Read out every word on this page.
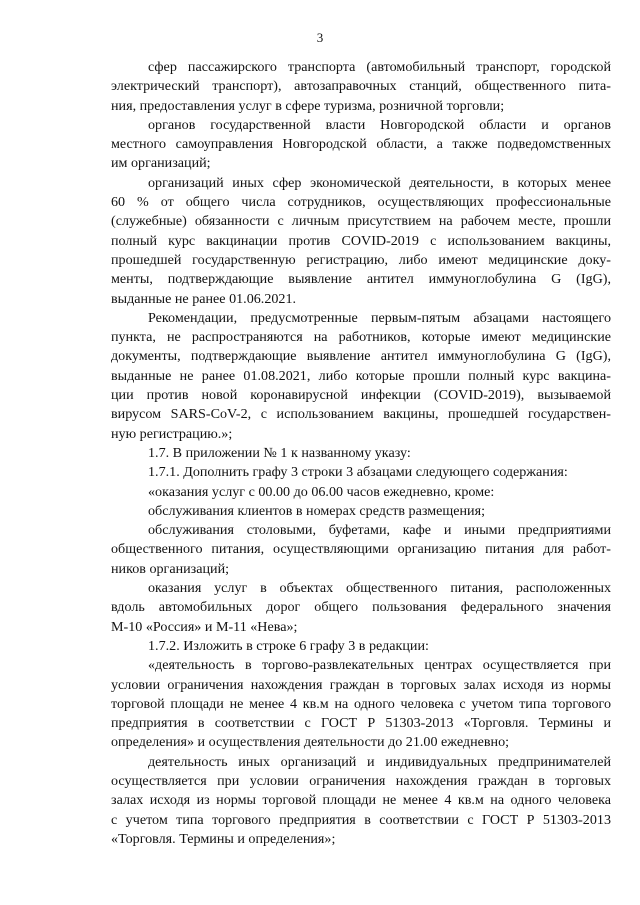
3

сфер пассажирского транспорта (автомобильный транспорт, городской
электрический транспорт), автозаправочных станций, общественного пита-
ния, предоставления услуг в сфере туризма, розничной торговли;

органов государственной власти Новгородской области и органов
местного самоуправления Новгородской области, а также подведомственных
им организаций;

организаций иных сфер экономической деятельности, в которых менее
60 % от общего числа сотрудников, осуществляющих профессиональные
(служебные) обязанности с личным присутствием на рабочем месте, прошли
полный курс вакцинации против COVID-2019 с использованием вакцины,
прошедшей государственную регистрацию, либо имеют медицинские доку-
менты, подтверждающие выявление антител иммуноглобулина G (IgG),
выданные не ранее 01.06.2021.

Рекомендации, предусмотренные первым-пятым абзацами настоящего
пункта, не распространяются на работников, которые имеют медицинские
документы, подтверждающие выявление антител иммуноглобулина G (IgG),
выданные не ранее 01.08.2021, либо которые прошли полный курс вакцина-
ции против новой коронавирусной инфекции (COVID-2019), вызываемой
вирусом SARS-CoV-2, с использованием вакцины, прошедшей государствен-
ную регистрацию.»;

1.7. В приложении № 1 к названному указу:

1.7.1. Дополнить графу 3 строки 3 абзацами следующего содержания:

«оказания услуг с 00.00 до 06.00 часов ежедневно, кроме:

обслуживания клиентов в номерах средств размещения;

обслуживания столовыми, буфетами, кафе и иными предприятиями
общественного питания, осуществляющими организацию питания для работ-
ников организаций;

оказания услуг в объектах общественного питания, расположенных
вдоль автомобильных дорог общего пользования федерального значения
М-10 «Россия» и М-11 «Нева»;

1.7.2. Изложить в строке 6 графу 3 в редакции:

«деятельность в торгово-развлекательных центрах осуществляется при
условии ограничения нахождения граждан в торговых залах исходя из нормы
торговой площади не менее 4 кв.м на одного человека с учетом типа торгового
предприятия в соответствии с ГОСТ Р 51303-2013 «Торговля. Термины и
определения» и осуществления деятельности до 21.00 ежедневно;

деятельность иных организаций и индивидуальных предпринимателей
осуществляется при условии ограничения нахождения граждан в торговых
залах исходя из нормы торговой площади не менее 4 кв.м на одного человека
с учетом типа торгового предприятия в соответствии с ГОСТ Р 51303-2013
«Торговля. Термины и определения»;
